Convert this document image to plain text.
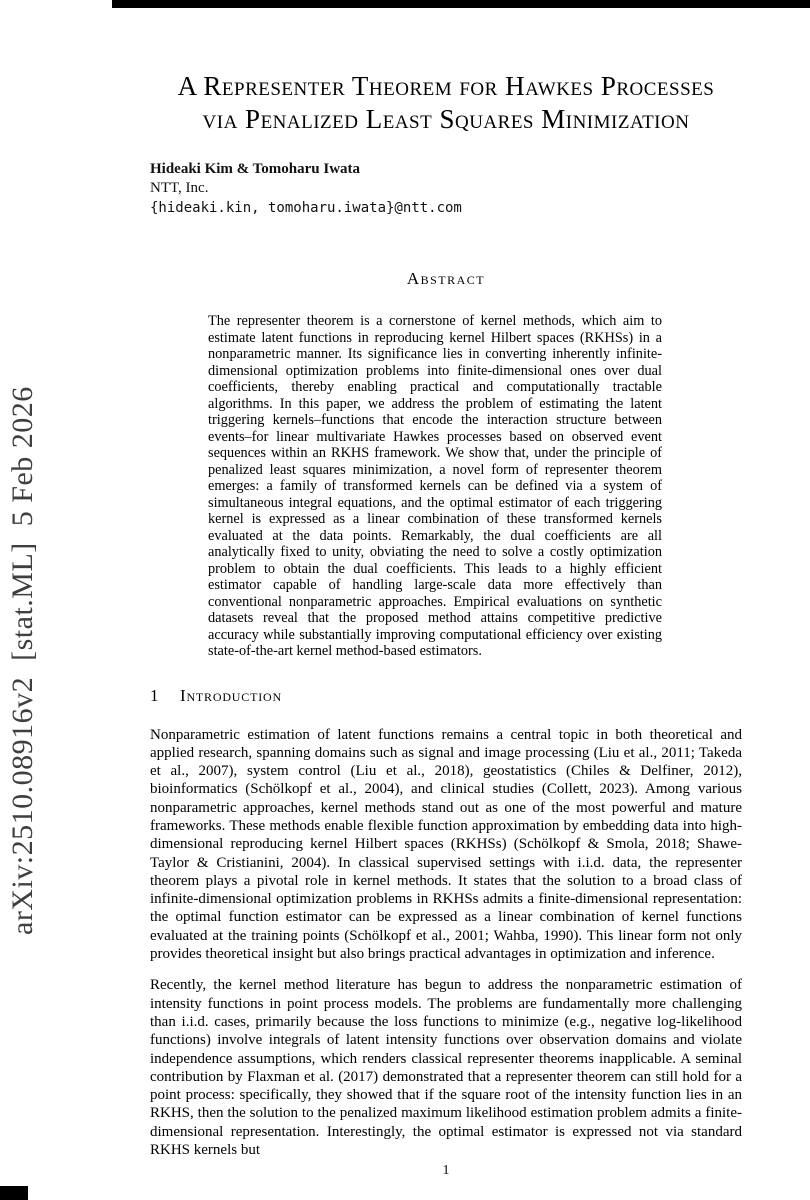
arXiv:2510.08916v2  [stat.ML]  5 Feb 2026
A Representer Theorem for Hawkes Processes
via Penalized Least Squares Minimization
Hideaki Kim & Tomoharu Iwata
NTT, Inc.
{hideaki.kin, tomoharu.iwata}@ntt.com
Abstract

The representer theorem is a cornerstone of kernel methods, which aim to estimate latent functions in reproducing kernel Hilbert spaces (RKHSs) in a nonparametric manner. Its significance lies in converting inherently infinite-dimensional optimization problems into finite-dimensional ones over dual coefficients, thereby enabling practical and computationally tractable algorithms. In this paper, we address the problem of estimating the latent triggering kernels–functions that encode the interaction structure between events–for linear multivariate Hawkes processes based on observed event sequences within an RKHS framework. We show that, under the principle of penalized least squares minimization, a novel form of representer theorem emerges: a family of transformed kernels can be defined via a system of simultaneous integral equations, and the optimal estimator of each triggering kernel is expressed as a linear combination of these transformed kernels evaluated at the data points. Remarkably, the dual coefficients are all analytically fixed to unity, obviating the need to solve a costly optimization problem to obtain the dual coefficients. This leads to a highly efficient estimator capable of handling large-scale data more effectively than conventional nonparametric approaches. Empirical evaluations on synthetic datasets reveal that the proposed method attains competitive predictive accuracy while substantially improving computational efficiency over existing state-of-the-art kernel method-based estimators.

1 Introduction

Nonparametric estimation of latent functions remains a central topic in both theoretical and applied research, spanning domains such as signal and image processing (Liu et al., 2011; Takeda et al., 2007), system control (Liu et al., 2018), geostatistics (Chiles & Delfiner, 2012), bioinformatics (Schölkopf et al., 2004), and clinical studies (Collett, 2023). Among various nonparametric approaches, kernel methods stand out as one of the most powerful and mature frameworks. These methods enable flexible function approximation by embedding data into high-dimensional reproducing kernel Hilbert spaces (RKHSs) (Schölkopf & Smola, 2018; Shawe-Taylor & Cristianini, 2004). In classical supervised settings with i.i.d. data, the representer theorem plays a pivotal role in kernel methods. It states that the solution to a broad class of infinite-dimensional optimization problems in RKHSs admits a finite-dimensional representation: the optimal function estimator can be expressed as a linear combination of kernel functions evaluated at the training points (Schölkopf et al., 2001; Wahba, 1990). This linear form not only provides theoretical insight but also brings practical advantages in optimization and inference.

Recently, the kernel method literature has begun to address the nonparametric estimation of intensity functions in point process models. The problems are fundamentally more challenging than i.i.d. cases, primarily because the loss functions to minimize (e.g., negative log-likelihood functions) involve integrals of latent intensity functions over observation domains and violate independence assumptions, which renders classical representer theorems inapplicable. A seminal contribution by Flaxman et al. (2017) demonstrated that a representer theorem can still hold for a point process: specifically, they showed that if the square root of the intensity function lies in an RKHS, then the solution to the penalized maximum likelihood estimation problem admits a finite-dimensional representation. Interestingly, the optimal estimator is expressed not via standard RKHS kernels but

1
